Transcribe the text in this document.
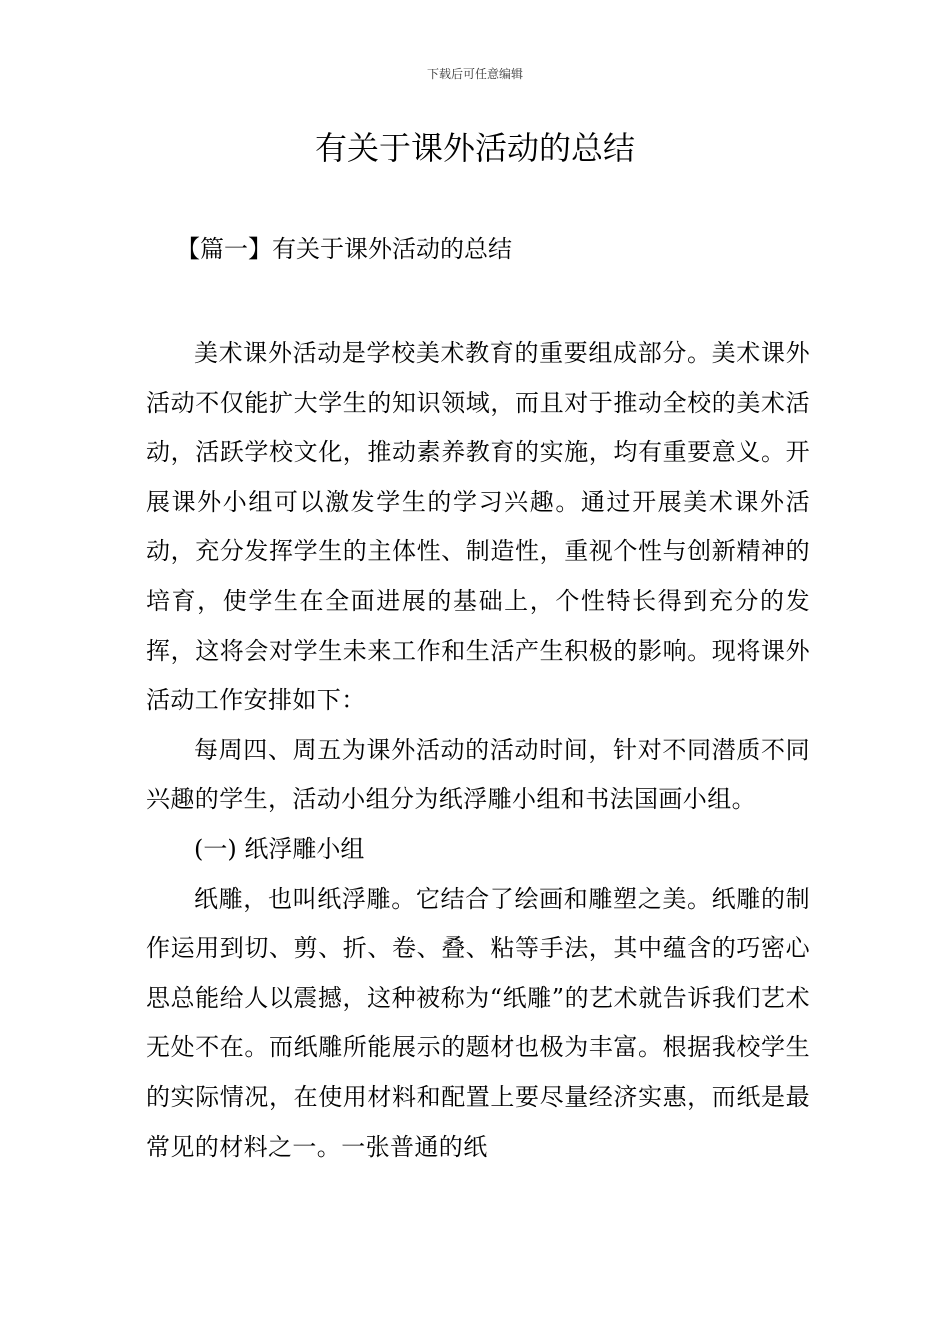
下载后可任意编辑
有关于课外活动的总结
【篇一】有关于课外活动的总结

美术课外活动是学校美术教育的重要组成部分。美术课外活动不仅能扩大学生的知识领域，而且对于推动全校的美术活动，活跃学校文化，推动素养教育的实施，均有重要意义。开展课外小组可以激发学生的学习兴趣。通过开展美术课外活动，充分发挥学生的主体性、制造性，重视个性与创新精神的培育，使学生在全面进展的基础上，个性特长得到充分的发挥，这将会对学生未来工作和生活产生积极的影响。现将课外活动工作安排如下：

每周四、周五为课外活动的活动时间，针对不同潜质不同兴趣的学生，活动小组分为纸浮雕小组和书法国画小组。

(一) 纸浮雕小组

纸雕，也叫纸浮雕。它结合了绘画和雕塑之美。纸雕的制作运用到切、剪、折、卷、叠、粘等手法，其中蕴含的巧密心思总能给人以震撼，这种被称为“纸雕”的艺术就告诉我们艺术无处不在。而纸雕所能展示的题材也极为丰富。根据我校学生的实际情况，在使用材料和配置上要尽量经济实惠，而纸是最常见的材料之一。一张普通的纸
